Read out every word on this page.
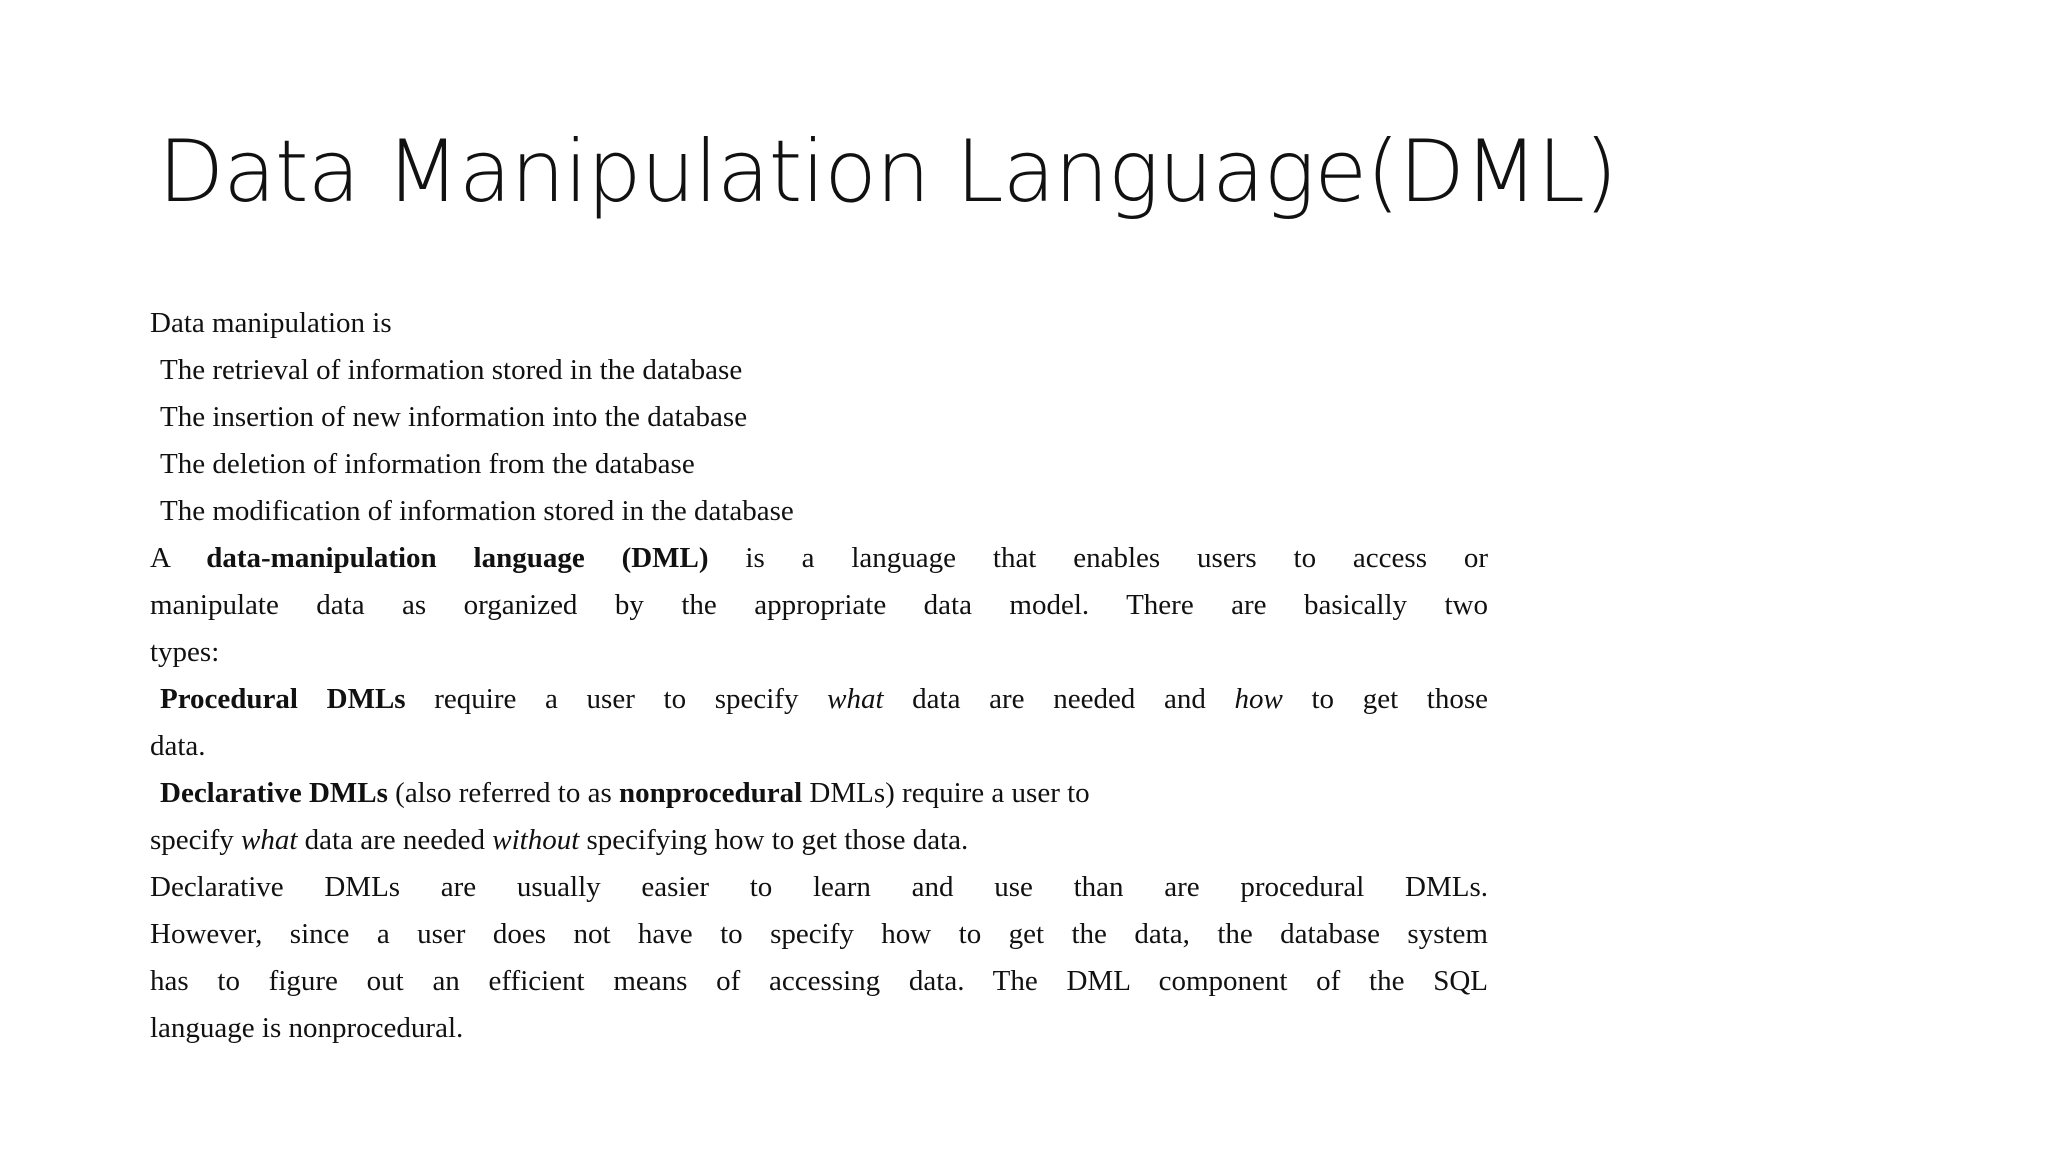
Data Manipulation Language(DML)
Data manipulation is
The retrieval of information stored in the database
The insertion of new information into the database
The deletion of information from the database
The modification of information stored in the database
A data-manipulation language (DML) is a language that enables users to access or
manipulate data as organized by the appropriate data model. There are basically two
types:
Procedural DMLs require a user to specify what data are needed and how to get those
data.
Declarative DMLs (also referred to as nonprocedural DMLs) require a user to
specify what data are needed without specifying how to get those data.
Declarative DMLs are usually easier to learn and use than are procedural DMLs.
However, since a user does not have to specify how to get the data, the database system
has to figure out an efficient means of accessing data. The DML component of the SQL
language is nonprocedural.
